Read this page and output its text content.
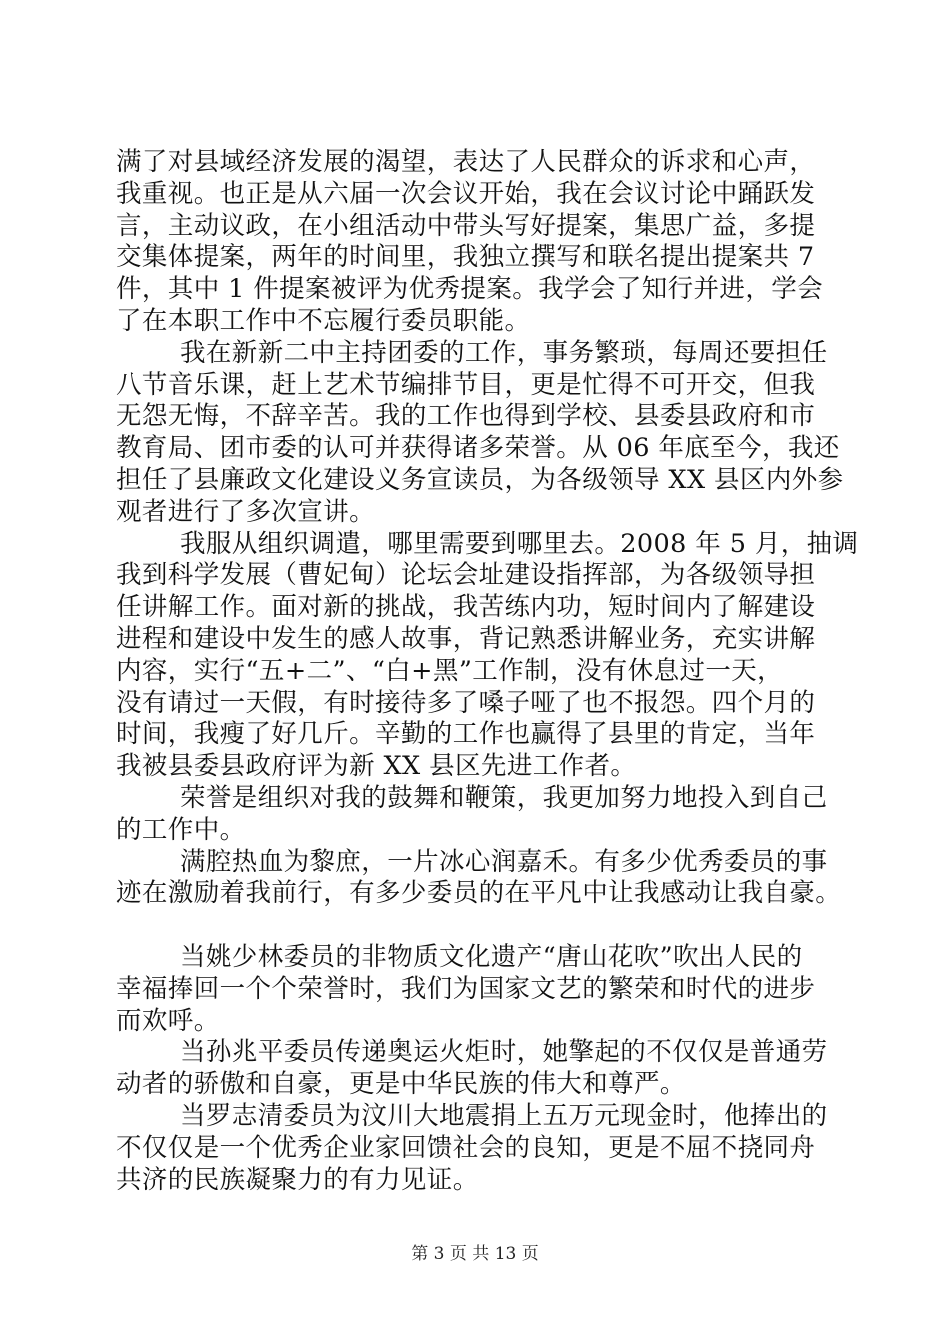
满了对县域经济发展的渴望，表达了人民群众的诉求和心声，
我重视。也正是从六届一次会议开始，我在会议讨论中踊跃发
言，主动议政，在小组活动中带头写好提案，集思广益，多提
交集体提案，两年的时间里，我独立撰写和联名提出提案共 7
件，其中 1 件提案被评为优秀提案。我学会了知行并进，学会
了在本职工作中不忘履行委员职能。
我在新新二中主持团委的工作，事务繁琐，每周还要担任
八节音乐课，赶上艺术节编排节目，更是忙得不可开交，但我
无怨无悔，不辞辛苦。我的工作也得到学校、县委县政府和市
教育局、团市委的认可并获得诸多荣誉。从 06 年底至今，我还
担任了县廉政文化建设义务宣读员，为各级领导 XX 县区内外参
观者进行了多次宣讲。
我服从组织调遣，哪里需要到哪里去。2008 年 5 月，抽调
我到科学发展（曹妃甸）论坛会址建设指挥部，为各级领导担
任讲解工作。面对新的挑战，我苦练内功，短时间内了解建设
进程和建设中发生的感人故事，背记熟悉讲解业务，充实讲解
内容，实行“五+二”、“白+黑”工作制，没有休息过一天，
没有请过一天假，有时接待多了嗓子哑了也不报怨。四个月的
时间，我瘦了好几斤。辛勤的工作也赢得了县里的肯定，当年
我被县委县政府评为新 XX 县区先进工作者。
荣誉是组织对我的鼓舞和鞭策，我更加努力地投入到自己
的工作中。
满腔热血为黎庶，一片冰心润嘉禾。有多少优秀委员的事
迹在激励着我前行，有多少委员的在平凡中让我感动让我自豪。
当姚少林委员的非物质文化遗产“唐山花吹”吹出人民的
幸福捧回一个个荣誉时，我们为国家文艺的繁荣和时代的进步
而欢呼。
当孙兆平委员传递奥运火炬时，她擎起的不仅仅是普通劳
动者的骄傲和自豪，更是中华民族的伟大和尊严。
当罗志清委员为汶川大地震捐上五万元现金时，他捧出的
不仅仅是一个优秀企业家回馈社会的良知，更是不屈不挠同舟
共济的民族凝聚力的有力见证。
第 3 页 共 13 页
